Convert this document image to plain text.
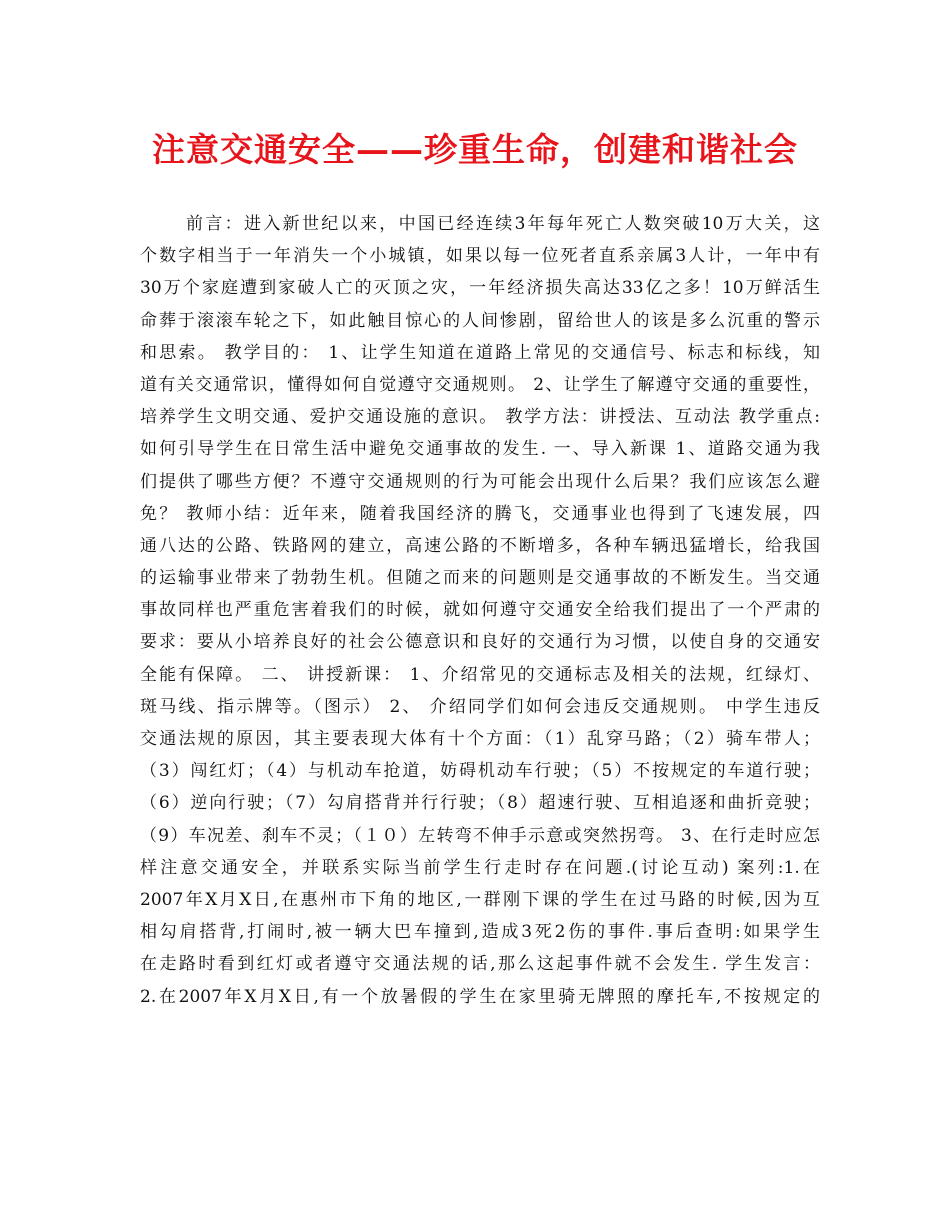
注意交通安全——珍重生命，创建和谐社会
前言：进入新世纪以来，中国已经连续3年每年死亡人数突破10万大关，这
个数字相当于一年消失一个小城镇，如果以每一位死者直系亲属3人计，一年中有
30万个家庭遭到家破人亡的灭顶之灾，一年经济损失高达33亿之多！10万鲜活生
命葬于滚滚车轮之下，如此触目惊心的人间惨剧，留给世人的该是多么沉重的警示
和思索。 教学目的： 1、让学生知道在道路上常见的交通信号、标志和标线，知
道有关交通常识，懂得如何自觉遵守交通规则。 2、让学生了解遵守交通的重要性，
培养学生文明交通、爱护交通设施的意识。 教学方法：讲授法、互动法 教学重点:
如何引导学生在日常生活中避免交通事故的发生. 一、导入新课 1、道路交通为我
们提供了哪些方便？不遵守交通规则的行为可能会出现什么后果？我们应该怎么避
免？ 教师小结：近年来，随着我国经济的腾飞，交通事业也得到了飞速发展，四
通八达的公路、铁路网的建立，高速公路的不断增多，各种车辆迅猛增长，给我国
的运输事业带来了勃勃生机。但随之而来的问题则是交通事故的不断发生。当交通
事故同样也严重危害着我们的时候，就如何遵守交通安全给我们提出了一个严肃的
要求：要从小培养良好的社会公德意识和良好的交通行为习惯，以使自身的交通安
全能有保障。 二、 讲授新课： 1、介绍常见的交通标志及相关的法规，红绿灯、
斑马线、指示牌等。（图示） 2、 介绍同学们如何会违反交通规则。 中学生违反
交通法规的原因，其主要表现大体有十个方面：（1）乱穿马路；（2）骑车带人；
（3）闯红灯；（4）与机动车抢道，妨碍机动车行驶；（5）不按规定的车道行驶；
（6）逆向行驶；（7）勾肩搭背并行行驶；（8）超速行驶、互相追逐和曲折竞驶；
（9）车况差、刹车不灵；（１０）左转弯不伸手示意或突然拐弯。 3、在行走时应怎
样注意交通安全，并联系实际当前学生行走时存在问题.(讨论互动) 案列:1.在
2007年X月X日,在惠州市下角的地区,一群刚下课的学生在过马路的时候,因为互
相勾肩搭背,打闹时,被一辆大巴车撞到,造成3死2伤的事件.事后查明:如果学生
在走路时看到红灯或者遵守交通法规的话,那么这起事件就不会发生. 学生发言：
2.在2007年X月X日,有一个放暑假的学生在家里骑无牌照的摩托车,不按规定的
